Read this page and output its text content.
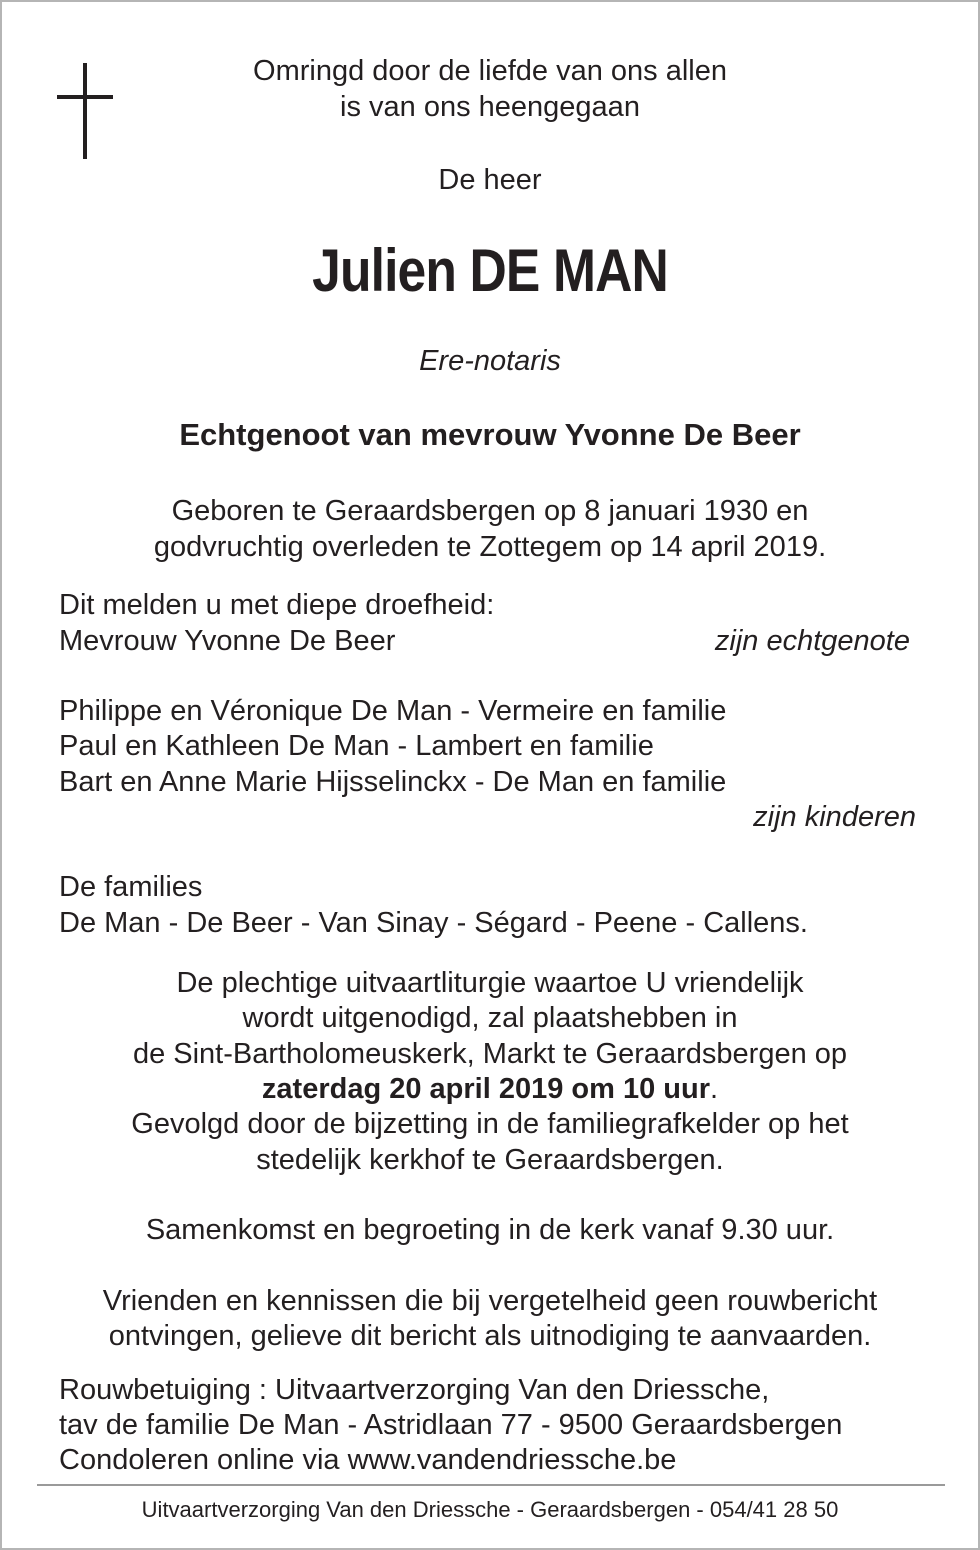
Omringd door de liefde van ons allen
is van ons heengegaan
De heer
Julien DE MAN
Ere-notaris
Echtgenoot van mevrouw Yvonne De Beer
Geboren te Geraardsbergen op 8 januari 1930 en
godvruchtig overleden te Zottegem op 14 april 2019.
Dit melden u met diepe droefheid:
Mevrouw Yvonne De Beer	zijn echtgenote
Philippe en Véronique De Man - Vermeire en familie
Paul en Kathleen De Man - Lambert en familie
Bart en Anne Marie Hijsselinckx - De Man en familie
zijn kinderen
De families
De Man - De Beer - Van Sinay - Ségard - Peene - Callens.
De plechtige uitvaartliturgie waartoe U vriendelijk
wordt uitgenodigd, zal plaatshebben in
de Sint-Bartholomeuskerk, Markt te Geraardsbergen op
zaterdag 20 april 2019 om 10 uur.
Gevolgd door de bijzetting in de familiegrafkelder op het
stedelijk kerkhof te Geraardsbergen.
Samenkomst en begroeting in de kerk vanaf 9.30 uur.
Vrienden en kennissen die bij vergetelheid geen rouwbericht
ontvingen, gelieve dit bericht als uitnodiging te aanvaarden.
Rouwbetuiging : Uitvaartverzorging Van den Driessche,
tav de familie De Man - Astridlaan 77 - 9500 Geraardsbergen
Condoleren online via www.vandendriessche.be
Uitvaartverzorging Van den Driessche - Geraardsbergen - 054/41 28 50
